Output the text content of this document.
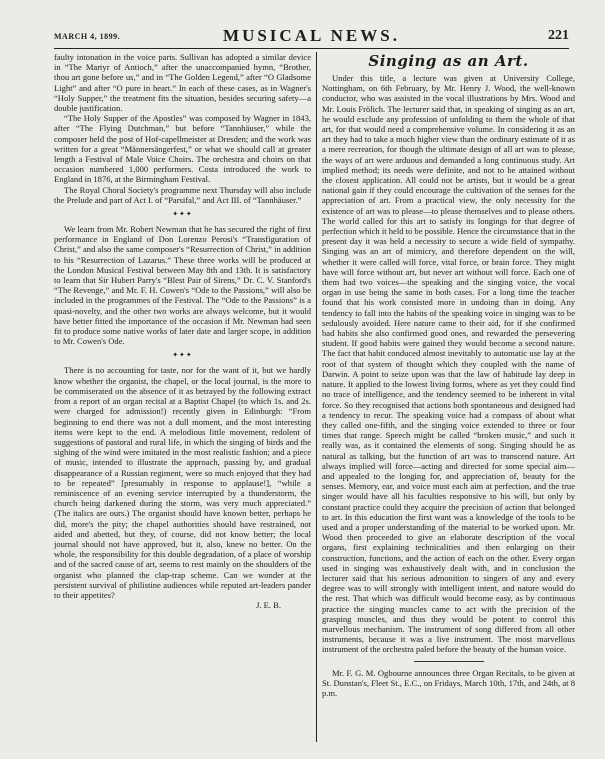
MARCH 4, 1899.	MUSICAL NEWS.	221

faulty intonation in the voice parts. Sullivan has adopted a similar device in “The Martyr of Antioch,” after the unaccompanied hymn, “Brother, thou art gone before us,” and in “The Golden Legend,” after “O Gladsome Light” and after “O pure in heart.” In each of these cases, as in Wagner's “Holy Supper,” the treatment fits the situation, besides securing safety—a double justification.

“The Holy Supper of the Apostles” was composed by Wagner in 1843, after “The Flying Dutchman,” but before “Tannhäuser,” while the composer held the post of Hof-capellmeister at Dresden; and the work was written for a great “Männersängerfest,” or what we should call at greater length a Festival of Male Voice Choirs. The orchestra and choirs on that occasion numbered 1,000 performers. Costa introduced the work to England in 1876, at the Birmingham Festival.

The Royal Choral Society's programme next Thursday will also include the Prelude and part of Act I. of “Parsifal,” and Act III. of “Tannhäuser.”

✦✦✦

We learn from Mr. Robert Newman that he has secured the right of first performance in England of Don Lorenzo Perosi's “Transfiguration of Christ,” and also the same composer's “Resurrection of Christ,” in addition to his “Resurrection of Lazarus.” These three works will be produced at the London Musical Festival between May 8th and 13th. It is satisfactory to learn that Sir Hubert Parry's “Blest Pair of Sirens,” Dr. C. V. Stanford's “The Revenge,” and Mr. F. H. Cowen's “Ode to the Passions,” will also be included in the programmes of the Festival. The “Ode to the Passions” is a quasi-novelty, and the other two works are always welcome, but it would have better fitted the importance of the occasion if Mr. Newman had seen fit to produce some native works of later date and larger scope, in addition to Mr. Cowen's Ode.

✦✦✦

There is no accounting for taste, nor for the want of it, but we hardly know whether the organist, the chapel, or the local journal, is the more to be commiserated on the absence of it as betrayed by the following extract from a report of an organ recital at a Baptist Chapel (to which 1s. and 2s. were charged for admission!) recently given in Edinburgh: “From beginning to end there was not a dull moment, and the most interesting items were kept to the end. A melodious little movement, redolent of suggestions of pastoral and rural life, in which the singing of birds and the sighing of the wind were imitated in the most realistic fashion; and a piece of music, intended to illustrate the approach, passing by, and gradual disappearance of a Russian regiment, were so much enjoyed that they had to be repeated” [presumably in response to applause!], “while a reminiscence of an evening service interrupted by a thunderstorm, the church being darkened during the storm, was very much appreciated.” (The italics are ours.) The organist should have known better, perhaps he did, more's the pity; the chapel authorities should have restrained, not aided and abetted, but they, of course, did not know better; the local journal should not have approved, but it, also, knew no better. On the whole, the responsibility for this double degradation, of a place of worship and of the sacred cause of art, seems to rest mainly on the shoulders of the organist who planned the clap-trap scheme. Can we wonder at the persistent survival of philistine audiences while reputed art-leaders pander to their appetites?

J. E. B.
Singing as an Art.

Under this title, a lecture was given at University College, Nottingham, on 6th February, by Mr. Henry J. Wood, the well-known conductor, who was assisted in the vocal illustrations by Mrs. Wood and Mr. Louis Frölich. The lecturer said that, in speaking of singing as an art, he would exclude any profession of unfolding to them the whole of that art, for that would need a comprehensive volume. In considering it as an art they had to take a much higher view than the ordinary estimate of it as a mere recreation, for though the ultimate design of all art was to please, the ways of art were arduous and demanded a long continuous study. Art implied method; its needs were definite, and not to be attained without the closest application. All could not be artists, but it would be a great national gain if they could encourage the cultivation of the senses for the appreciation of art. From a practical view, the only necessity for the existence of art was to please—to please themselves and to please others. The world called for this art to satisfy its longings for that degree of perfection which it held to be possible. Hence the circumstance that in the present day it was held a necessity to secure a wide field of sympathy. Singing was an art of mimicry, and therefore dependent on the will, whether it were called will force, vital force, or brain force. They might have will force without art, but never art without will force. Each one of them had two voices—the speaking and the singing voice, the vocal organ in use being the same in both cases. For a long time the teacher found that his work consisted more in undoing than in doing. Any tendency to fall into the habits of the speaking voice in singing was to be sedulously avoided. Here nature came to their aid, for if she confirmed bad habits she also confirmed good ones, and rewarded the persevering student. If good habits were gained they would become a second nature. The fact that habit conduced almost inevitably to automatic use lay at the root of that system of thought which they coupled with the name of Darwin. A point to seize upon was that the law of habitude lay deep in nature. It applied to the lowest living forms, where as yet they could find no trace of intelligence, and the tendency seemed to be inherent in vital force. So they recognised that actions both spontaneous and designed had a tendency to recur. The speaking voice had a compass of about what they called one-fifth, and the singing voice extended to three or four times that range. Speech might be called “broken music,” and such it really was, as it contained the elements of song. Singing should be as natural as talking, but the function of art was to transcend nature. Art always implied will force—acting and directed for some special aim—and appealed to the longing for, and appreciation of, beauty for the senses. Memory, ear, and voice must each aim at perfection, and the true singer would have all his faculties responsive to his will, but only by constant practice could they acquire the precision of action that belonged to art. In this education the first want was a knowledge of the tools to be used and a proper understanding of the material to be worked upon. Mr. Wood then proceeded to give an elaborate description of the vocal organs, first explaining technicalities and then enlarging on their construction, functions, and the action of each on the other. Every organ used in singing was exhaustively dealt with, and in conclusion the lecturer said that his serious admonition to singers of any and every degree was to will strongly with intelligent intent, and nature would do the rest. That which was difficult would become easy, as by continuous practice the singing muscles came to act with the precision of the grasping muscles, and thus they would be potent to control this marvellous mechanism. The instrument of song differed from all other instruments, because it was a live instrument. The most marvellous instrument of the orchestra paled before the beauty of the human voice.

Mr. F. G. M. Ogbourne announces three Organ Recitals, to be given at St. Dunstan's, Fleet St., E.C., on Fridays, March 10th, 17th, and 24th, at 8 p.m.
